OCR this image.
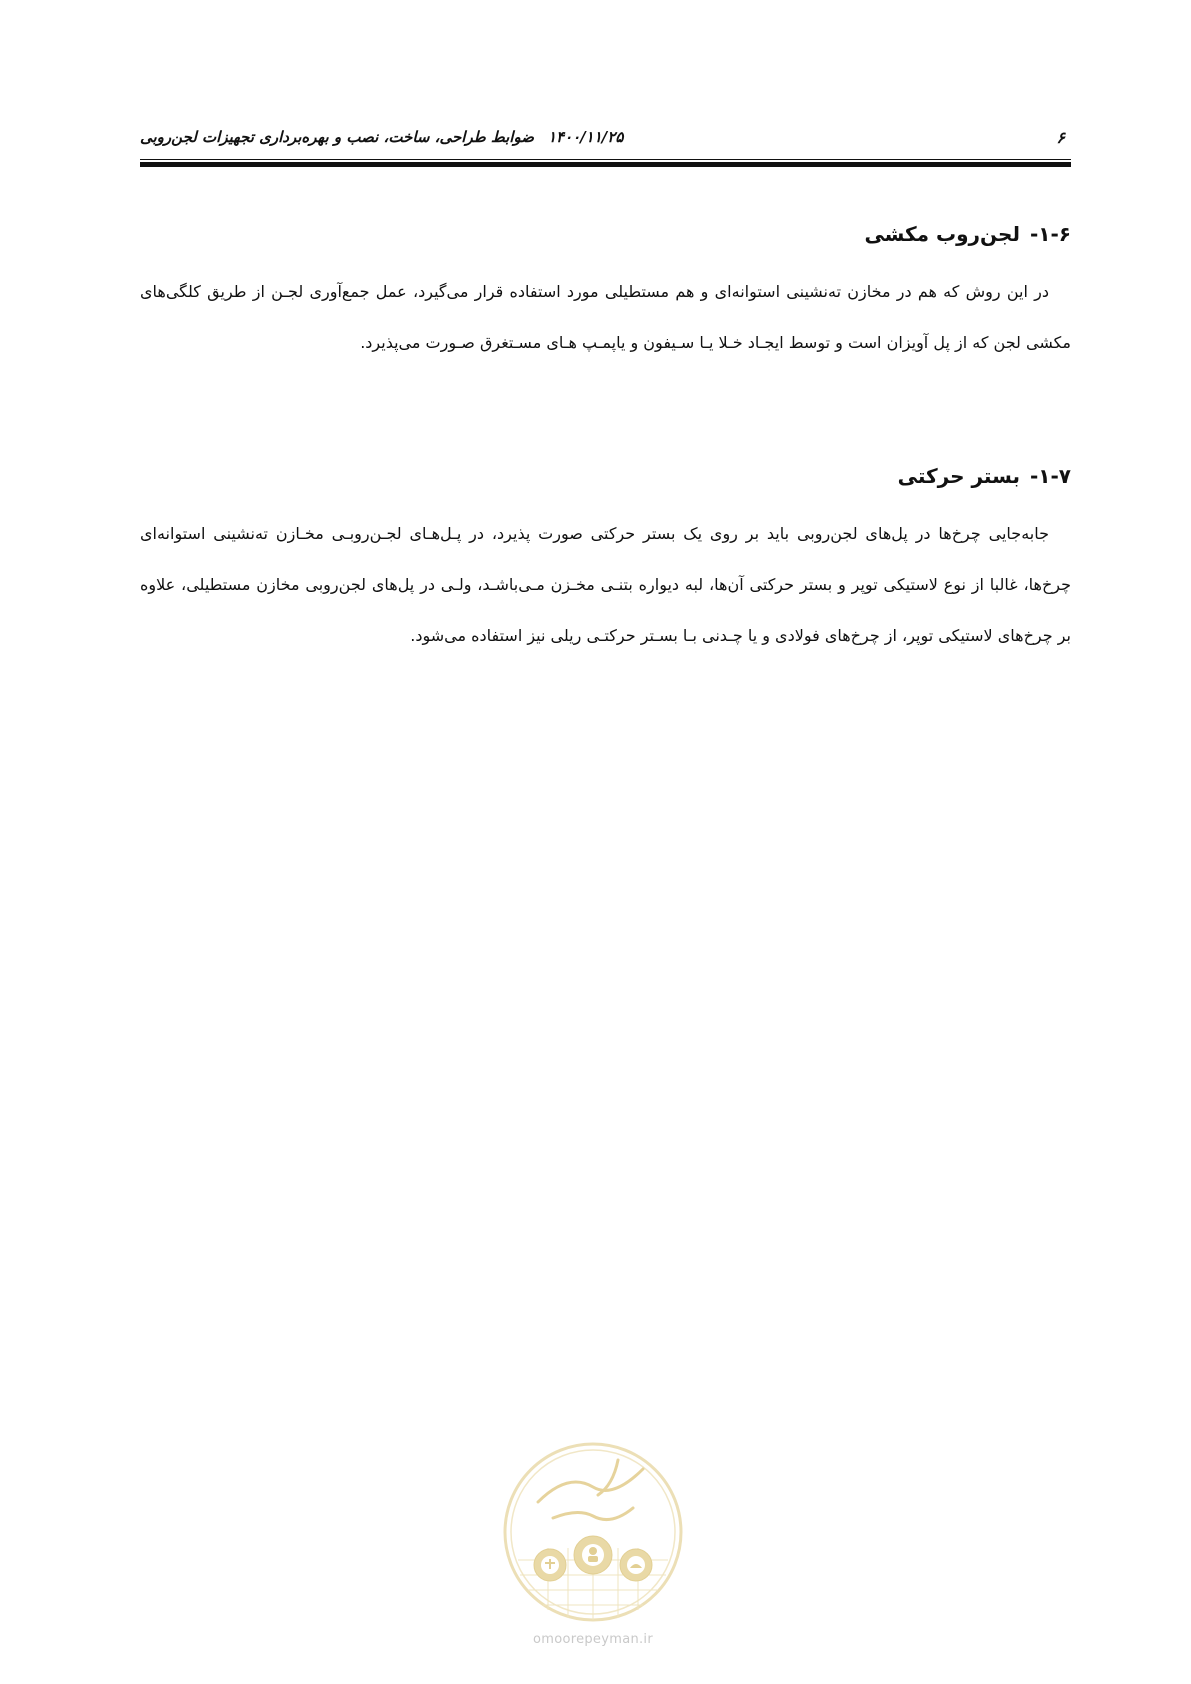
۶
۱۴۰۰/۱۱/۲۵ضوابط طراحی، ساخت، نصب و بهره‌برداری تجهیزات لجن‌روبی
۱-۶-لجن‌روب مکشی

در این روش که هم در مخازن ته‌نشینی استوانه‌ای و هم مستطیلی مورد استفاده قرار می‌گیرد، عمل جمع‌آوری لجـن از طریق کلگی‌های مکشی لجن که از پل آویزان است و توسط ایجـاد خـلا یـا سـیفون و یاپمـپ هـای مسـتغرق صـورت می‌پذیرد.

۱-۷-بستر حرکتی

جابه‌جایی چرخ‌ها در پل‌های لجن‌روبی باید بر روی یک بستر حرکتی صورت پذیرد، در پـل‌هـای لجـن‌روبـی مخـازن ته‌نشینی استوانه‌ای چرخ‌ها، غالبا از نوع لاستیکی توپر و بستر حرکتی آن‌ها، لبه دیواره بتنـی مخـزن مـی‌باشـد، ولـی در پل‌های لجن‌روبی مخازن مستطیلی، علاوه بر چرخ‌های لاستیکی توپر، از چرخ‌های فولادی و یا چـدنی بـا بسـتر حرکتـی ریلی نیز استفاده می‌شود.

omoorepeyman.ir
